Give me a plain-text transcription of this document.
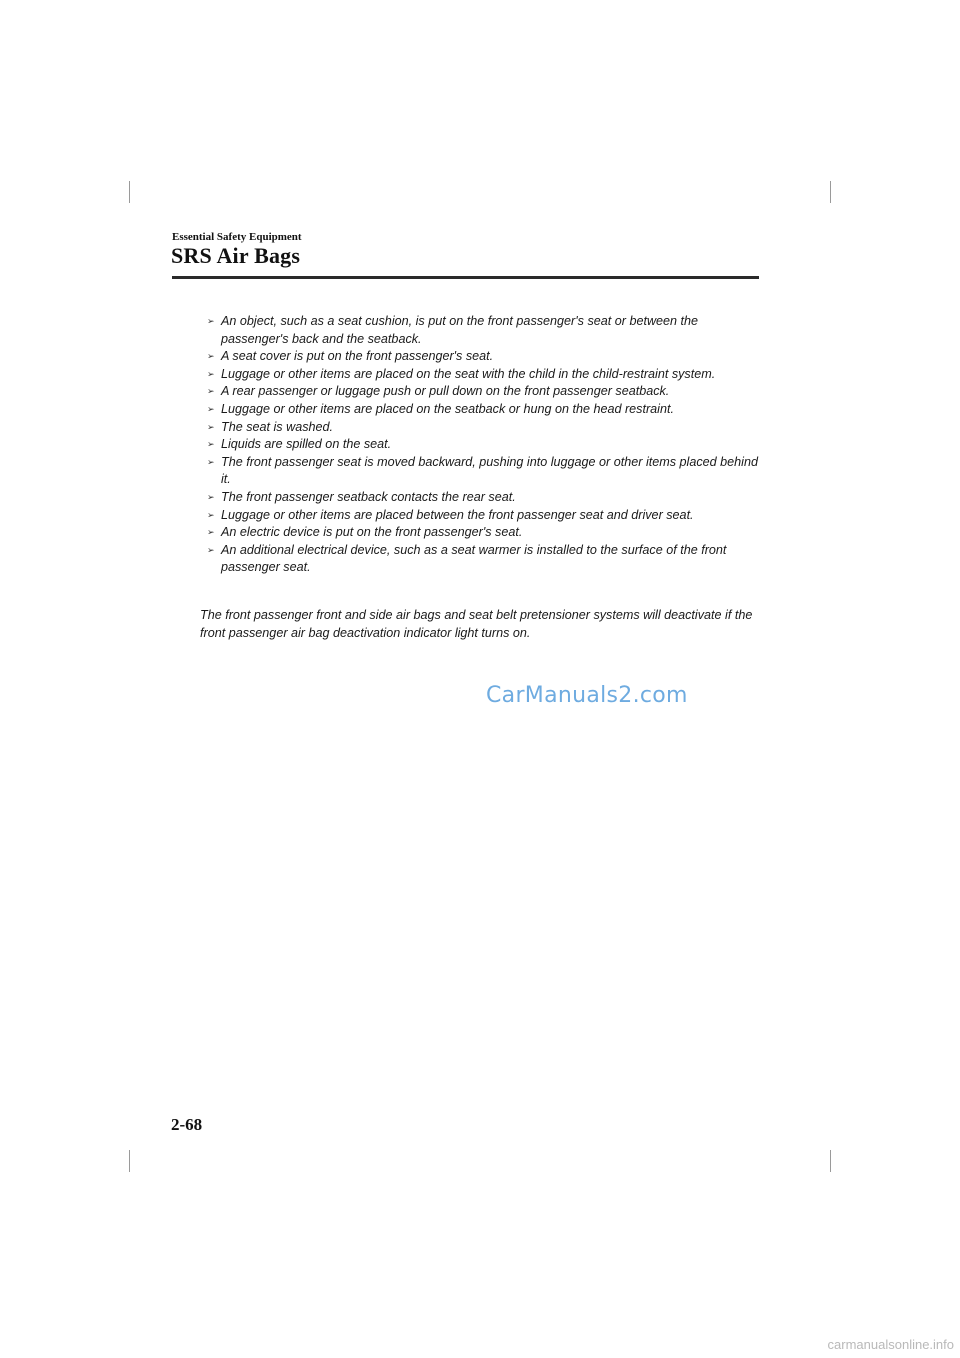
Essential Safety Equipment

SRS Air Bags
➢ An object, such as a seat cushion, is put on the front passenger's seat or between the passenger's back and the seatback.
➢ A seat cover is put on the front passenger's seat.
➢ Luggage or other items are placed on the seat with the child in the child-restraint system.
➢ A rear passenger or luggage push or pull down on the front passenger seatback.
➢ Luggage or other items are placed on the seatback or hung on the head restraint.
➢ The seat is washed.
➢ Liquids are spilled on the seat.
➢ The front passenger seat is moved backward, pushing into luggage or other items placed behind it.
➢ The front passenger seatback contacts the rear seat.
➢ Luggage or other items are placed between the front passenger seat and driver seat.
➢ An electric device is put on the front passenger's seat.
➢ An additional electrical device, such as a seat warmer is installed to the surface of the front passenger seat.

The front passenger front and side air bags and seat belt pretensioner systems will deactivate if the front passenger air bag deactivation indicator light turns on.

CarManuals2.com

2-68

carmanualsonline.info
